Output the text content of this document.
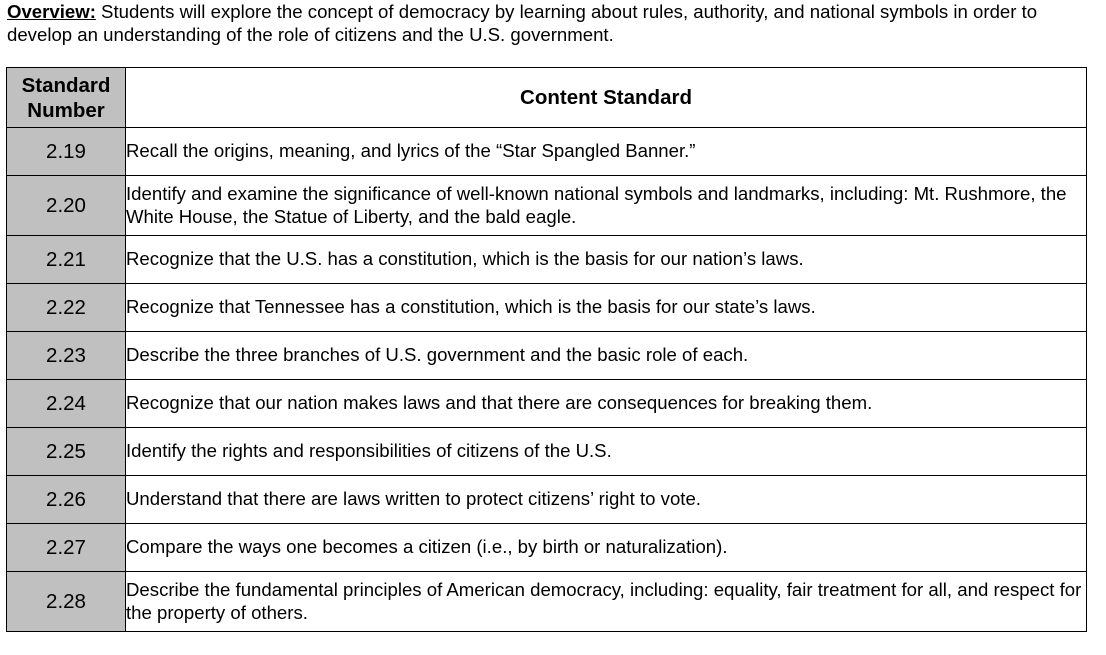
Overview: Students will explore the concept of democracy by learning about rules, authority, and national symbols in order to develop an understanding of the role of citizens and the U.S. government.
Standard Number	Content Standard
2.19	Recall the origins, meaning, and lyrics of the “Star Spangled Banner.”
2.20	Identify and examine the significance of well-known national symbols and landmarks, including: Mt. Rushmore, the White House, the Statue of Liberty, and the bald eagle.
2.21	Recognize that the U.S. has a constitution, which is the basis for our nation’s laws.
2.22	Recognize that Tennessee has a constitution, which is the basis for our state’s laws.
2.23	Describe the three branches of U.S. government and the basic role of each.
2.24	Recognize that our nation makes laws and that there are consequences for breaking them.
2.25	Identify the rights and responsibilities of citizens of the U.S.
2.26	Understand that there are laws written to protect citizens’ right to vote.
2.27	Compare the ways one becomes a citizen (i.e., by birth or naturalization).
2.28	Describe the fundamental principles of American democracy, including: equality, fair treatment for all, and respect for the property of others.
